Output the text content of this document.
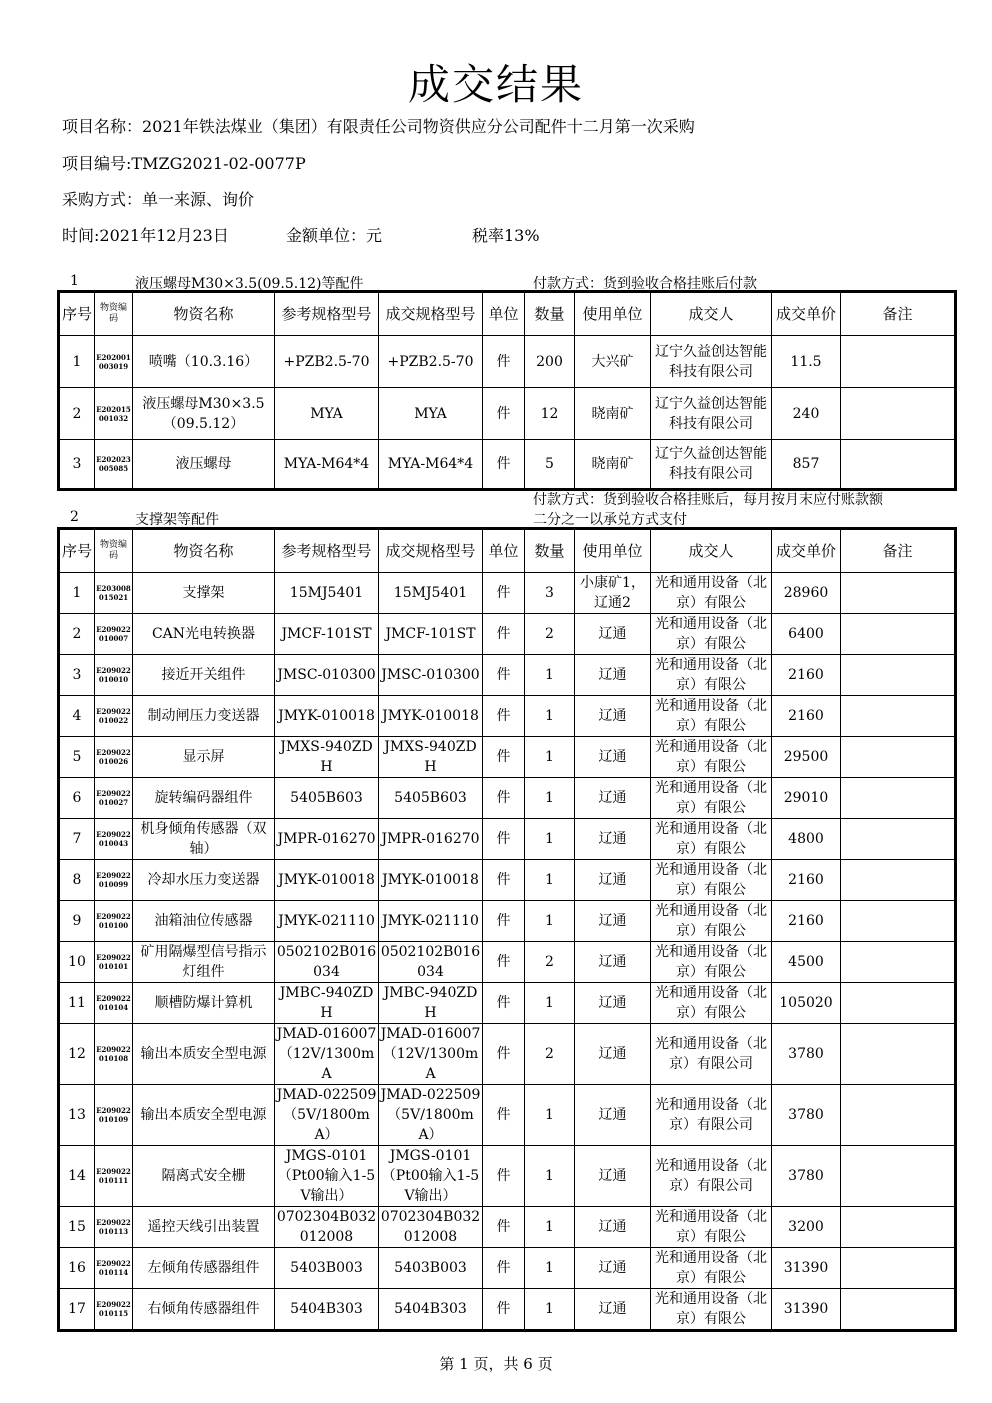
成交结果
项目名称：2021年铁法煤业（集团）有限责任公司物资供应分公司配件十二月第一次采购
项目编号:TMZG2021-02-0077P
采购方式：单一来源、询价
时间:2021年12月23日	金额单位：元	税率13%
1	液压螺母M30×3.5(09.5.12)等配件	付款方式：货到验收合格挂账后付款
序号	物资编码	物资名称	参考规格型号	成交规格型号	单位	数量	使用单位	成交人	成交单价	备注
1	E202001003019	喷嘴（10.3.16）	+PZB2.5-70	+PZB2.5-70	件	200	大兴矿	辽宁久益创达智能科技有限公司	11.5	
2	E202015001032	液压螺母M30×3.5（09.5.12）	MYA	MYA	件	12	晓南矿	辽宁久益创达智能科技有限公司	240	
3	E202023005085	液压螺母	MYA-M64*4	MYA-M64*4	件	5	晓南矿	辽宁久益创达智能科技有限公司	857	
付款方式：货到验收合格挂账后，每月按月末应付账款额
2	支撑架等配件	二分之一以承兑方式支付
序号	物资编码	物资名称	参考规格型号	成交规格型号	单位	数量	使用单位	成交人	成交单价	备注
1	E203008015021	支撑架	15MJ5401	15MJ5401	件	3	小康矿1，辽通2	光和通用设备（北京）有限公	28960	
2	E209022010007	CAN光电转换器	JMCF-101ST	JMCF-101ST	件	2	辽通	光和通用设备（北京）有限公	6400	
3	E209022010010	接近开关组件	JMSC-010300	JMSC-010300	件	1	辽通	光和通用设备（北京）有限公	2160	
4	E209022010022	制动闸压力变送器	JMYK-010018	JMYK-010018	件	1	辽通	光和通用设备（北京）有限公	2160	
5	E209022010026	显示屏	JMXS-940ZDH	JMXS-940ZDH	件	1	辽通	光和通用设备（北京）有限公	29500	
6	E209022010027	旋转编码器组件	5405B603	5405B603	件	1	辽通	光和通用设备（北京）有限公	29010	
7	E209022010043	机身倾角传感器（双轴）	JMPR-016270	JMPR-016270	件	1	辽通	光和通用设备（北京）有限公	4800	
8	E209022010099	冷却水压力变送器	JMYK-010018	JMYK-010018	件	1	辽通	光和通用设备（北京）有限公	2160	
9	E209022010100	油箱油位传感器	JMYK-021110	JMYK-021110	件	1	辽通	光和通用设备（北京）有限公	2160	
10	E209022010101	矿用隔爆型信号指示灯组件	0502102B016034	0502102B016034	件	2	辽通	光和通用设备（北京）有限公	4500	
11	E209022010104	顺槽防爆计算机	JMBC-940ZDH	JMBC-940ZDH	件	1	辽通	光和通用设备（北京）有限公	105020	
12	E209022010108	输出本质安全型电源	JMAD-016007（12V/1300mA	JMAD-016007（12V/1300mA	件	2	辽通	光和通用设备（北京）有限公司	3780	
13	E209022010109	输出本质安全型电源	JMAD-022509（5V/1800mA）	JMAD-022509（5V/1800mA）	件	1	辽通	光和通用设备（北京）有限公司	3780	
14	E209022010111	隔离式安全栅	JMGS-0101（Pt00输入1-5V输出）	JMGS-0101（Pt00输入1-5V输出）	件	1	辽通	光和通用设备（北京）有限公司	3780	
15	E209022010113	遥控天线引出装置	0702304B032012008	0702304B032012008	件	1	辽通	光和通用设备（北京）有限公	3200	
16	E209022010114	左倾角传感器组件	5403B003	5403B003	件	1	辽通	光和通用设备（北京）有限公	31390	
17	E209022010115	右倾角传感器组件	5404B303	5404B303	件	1	辽通	光和通用设备（北京）有限公	31390	
第 1 页，共 6 页
